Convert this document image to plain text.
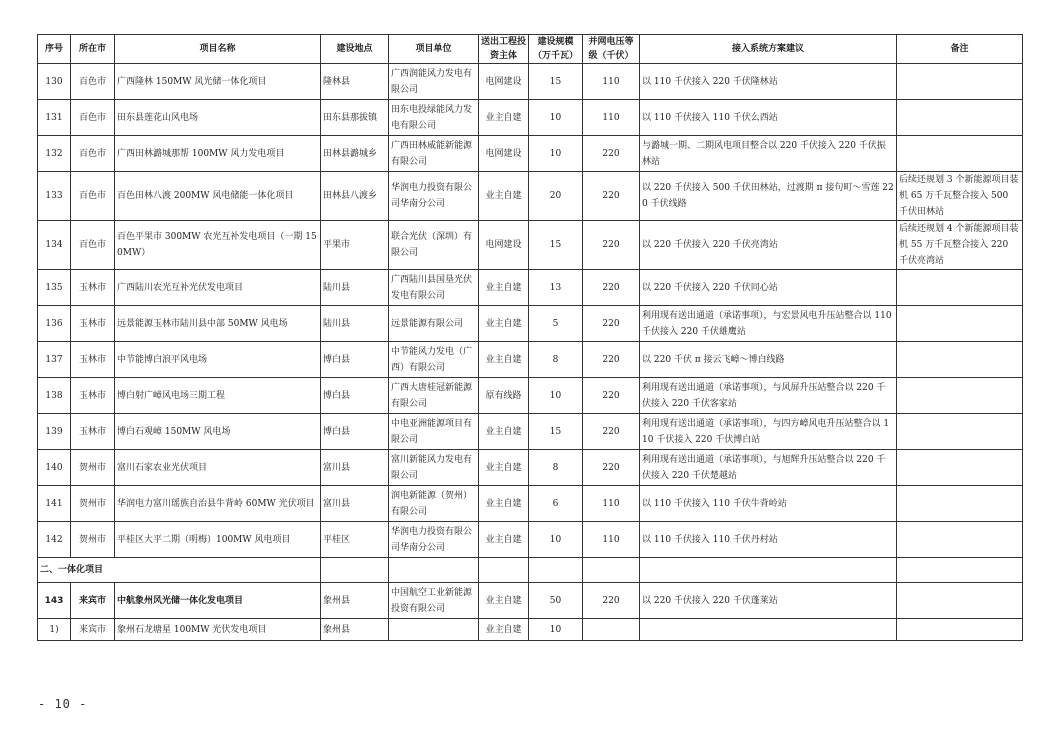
序号	所在市	项目名称	建设地点	项目单位	送出工程投资主体	建设规模（万千瓦）	并网电压等级（千伏）	接入系统方案建议	备注
130	百色市	广西隆林 150MW 风光储一体化项目	隆林县	广西润能风力发电有限公司	电网建设	15	110	以 110 千伏接入 220 千伏隆林站	
131	百色市	田东县莲花山风电场	田东县那拔镇	田东电投绿能风力发电有限公司	业主自建	10	110	以 110 千伏接入 110 千伏么西站	
132	百色市	广西田林潞城那帮 100MW 风力发电项目	田林县潞城乡	广西田林威能新能源有限公司	电网建设	10	220	与潞城一期、二期风电项目整合以 220 千伏接入 220 千伏振林站	
133	百色市	百色田林八渡 200MW 风电储能一体化项目	田林县八渡乡	华润电力投资有限公司华南分公司	业主自建	20	220	以 220 千伏接入 500 千伏田林站，过渡期 π 接句町～雪莲 220 千伏线路	后续还规划 3 个新能源项目装机 65 万千瓦整合接入 500 千伏田林站
134	百色市	百色平果市 300MW 农光互补发电项目（一期 150MW）	平果市	联合光伏（深圳）有限公司	电网建设	15	220	以 220 千伏接入 220 千伏亮湾站	后续还规划 4 个新能源项目装机 55 万千瓦整合接入 220 千伏亮湾站
135	玉林市	广西陆川农光互补光伏发电项目	陆川县	广西陆川县国垦光伏发电有限公司	业主自建	13	220	以 220 千伏接入 220 千伏同心站	
136	玉林市	远景能源玉林市陆川县中部 50MW 风电场	陆川县	远景能源有限公司	业主自建	5	220	利用现有送出通道（承诺事项），与宏景风电升压站整合以 110 千伏接入 220 千伏雄鹰站	
137	玉林市	中节能博白浪平风电场	博白县	中节能风力发电（广西）有限公司	业主自建	8	220	以 220 千伏 π 接云飞嶂～博白线路	
138	玉林市	博白射广嶂风电场三期工程	博白县	广西大唐桂冠新能源有限公司	原有线路	10	220	利用现有送出通道（承诺事项），与风屏升压站整合以 220 千伏接入 220 千伏客家站	
139	玉林市	博白石观嶂 150MW 风电场	博白县	中电亚洲能源项目有限公司	业主自建	15	220	利用现有送出通道（承诺事项），与四方嶂风电升压站整合以 110 千伏接入 220 千伏博白站	
140	贺州市	富川石家农业光伏项目	富川县	富川新能风力发电有限公司	业主自建	8	220	利用现有送出通道（承诺事项），与旭辉升压站整合以 220 千伏接入 220 千伏楚越站	
141	贺州市	华润电力富川瑶族自治县牛背岭 60MW 光伏项目	富川县	润电新能源（贺州）有限公司	业主自建	6	110	以 110 千伏接入 110 千伏牛背岭站	
142	贺州市	平桂区大平二期（明梅）100MW 风电项目	平桂区	华润电力投资有限公司华南分公司	业主自建	10	110	以 110 千伏接入 110 千伏丹村站	
二、一体化项目									
143	来宾市	中航象州风光储一体化发电项目	象州县	中国航空工业新能源投资有限公司	业主自建	50	220	以 220 千伏接入 220 千伏蓬莱站	
1)	来宾市	象州石龙塘星 100MW 光伏发电项目	象州县		业主自建	10			
- 10 -
